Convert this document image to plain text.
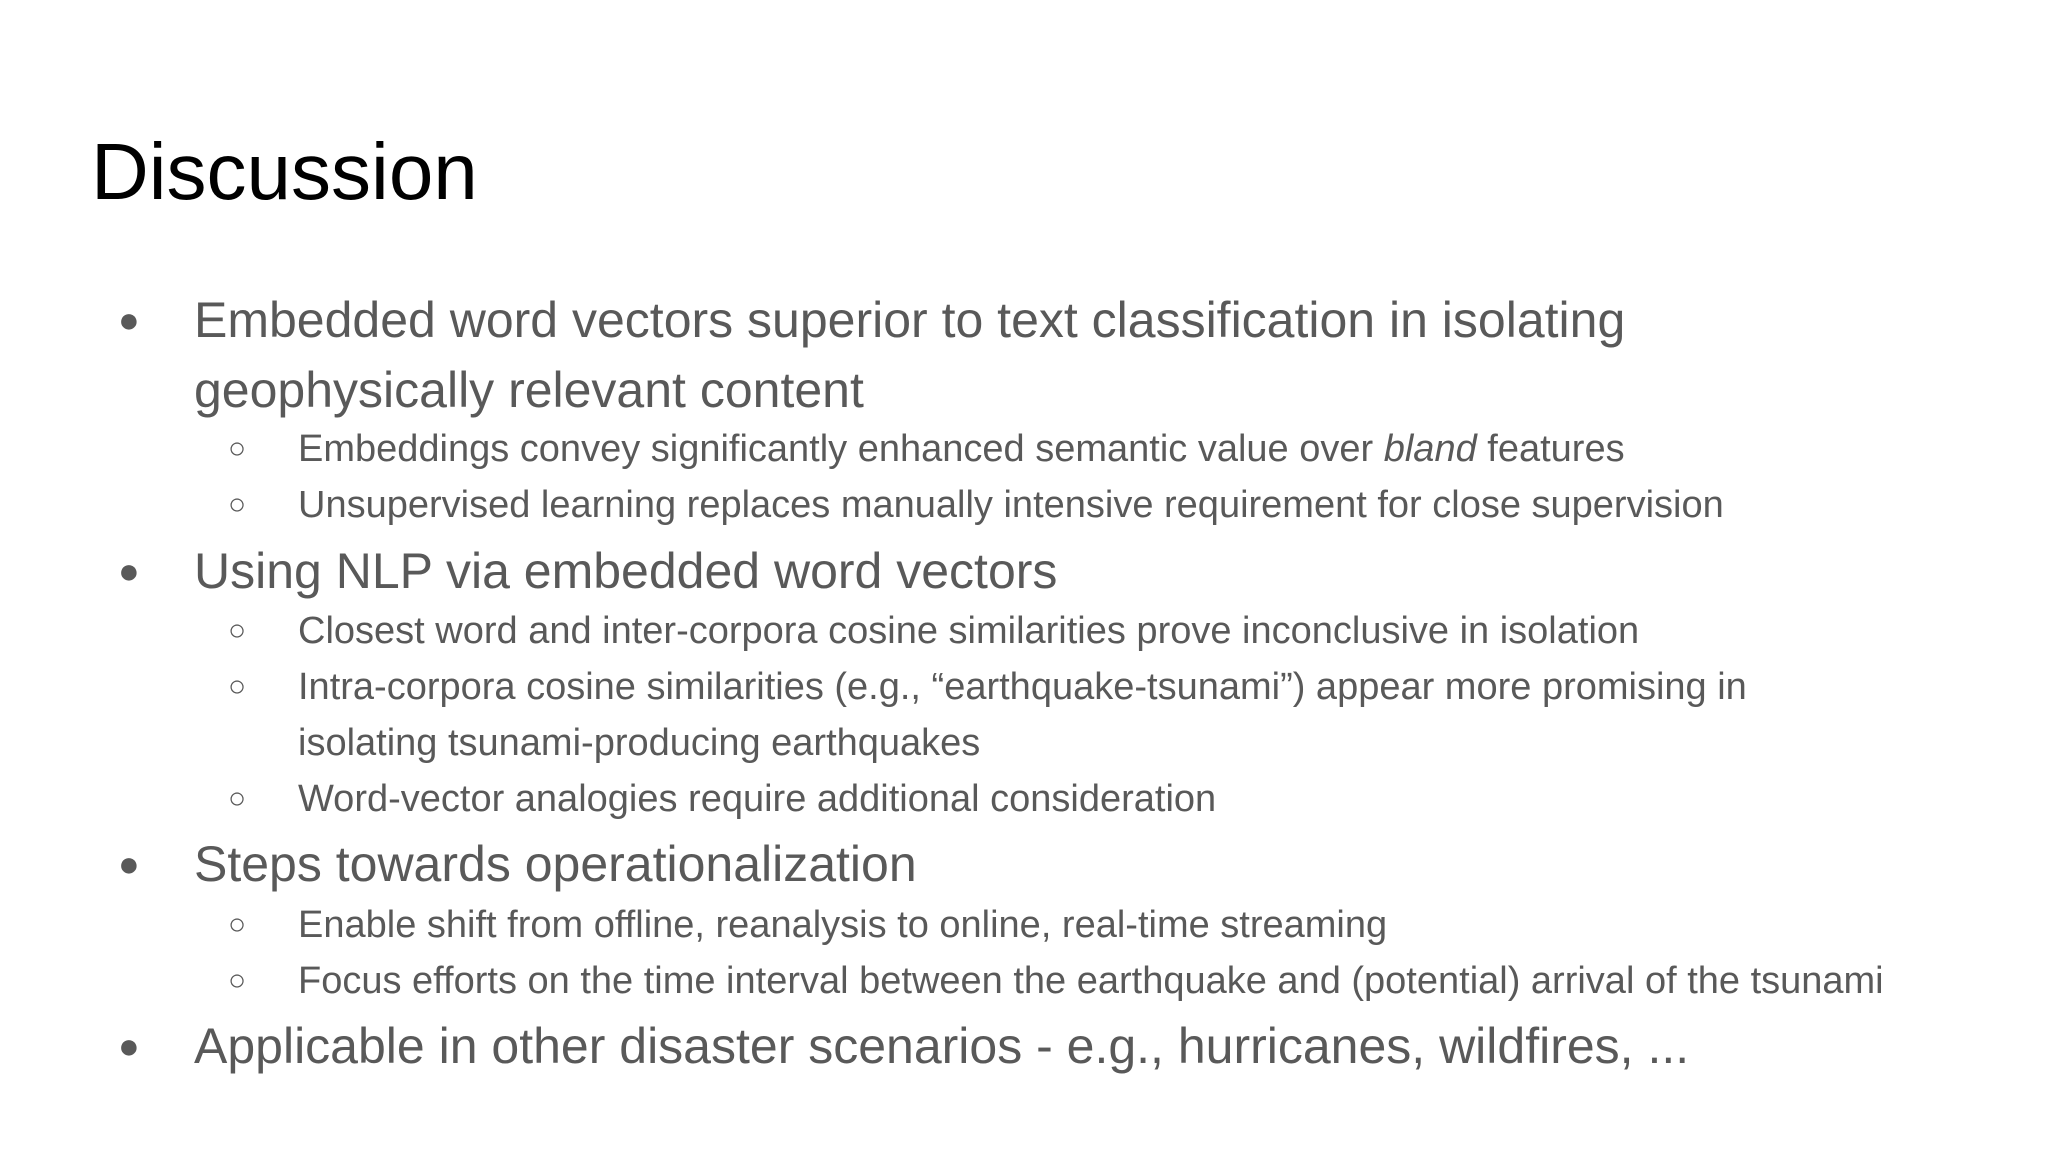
Discussion
● Embedded word vectors superior to text classification in isolating
geophysically relevant content
○ Embeddings convey significantly enhanced semantic value over bland features
○ Unsupervised learning replaces manually intensive requirement for close supervision
● Using NLP via embedded word vectors
○ Closest word and inter-corpora cosine similarities prove inconclusive in isolation
○ Intra-corpora cosine similarities (e.g., “earthquake-tsunami”) appear more promising in
isolating tsunami-producing earthquakes
○ Word-vector analogies require additional consideration
● Steps towards operationalization
○ Enable shift from offline, reanalysis to online, real-time streaming
○ Focus efforts on the time interval between the earthquake and (potential) arrival of the tsunami
● Applicable in other disaster scenarios - e.g., hurricanes, wildfires, ...
